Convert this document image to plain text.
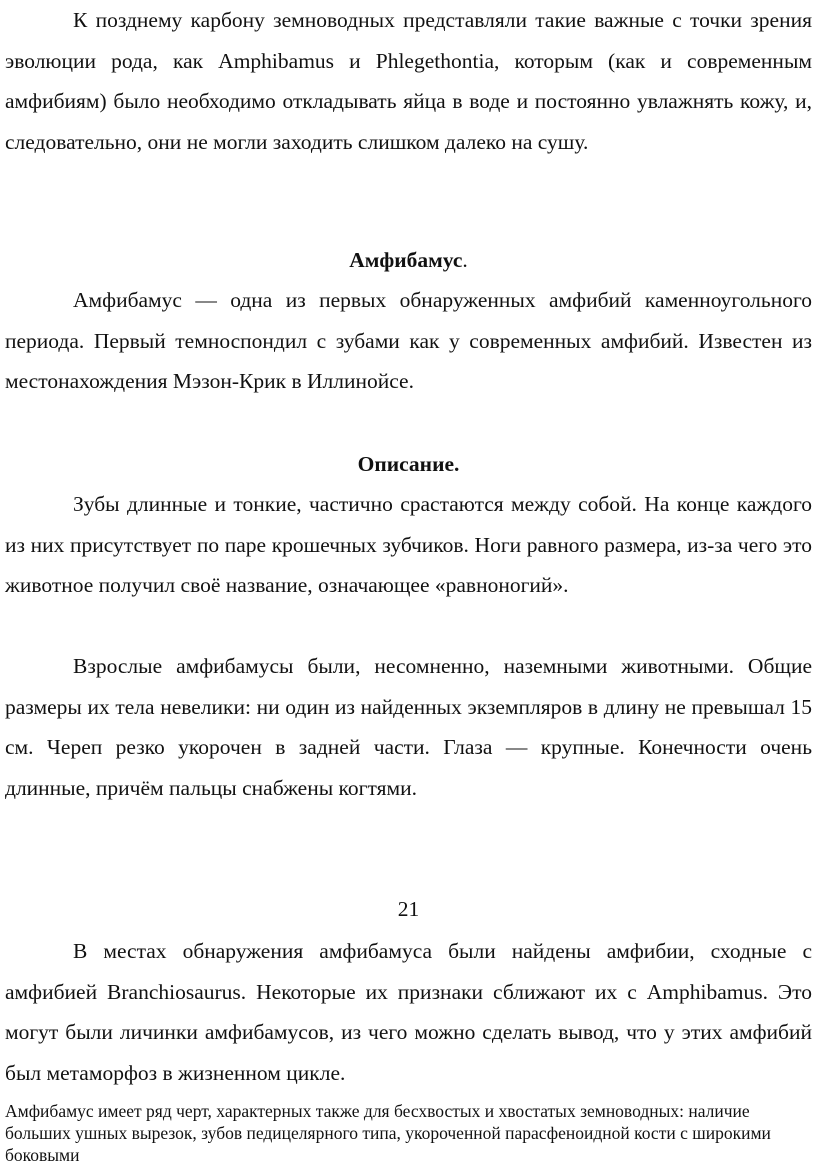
К позднему карбону земноводных представляли такие важные с точки зрения эволюции рода, как Amphibamus и Phlegethontia, которым (как и современным амфибиям) было необходимо откладывать яйца в воде и постоянно увлажнять кожу, и, следовательно, они не могли заходить слишком далеко на сушу.

Амфибамус.

Амфибамус — одна из первых обнаруженных амфибий каменноугольного периода. Первый темноспондил с зубами как у современных амфибий. Известен из местонахождения Мэзон-Крик в Иллинойсе.

Описание.

Зубы длинные и тонкие, частично срастаются между собой. На конце каждого из них присутствует по паре крошечных зубчиков. Ноги равного размера, из-за чего это животное получил своё название, означающее «равноногий».

Взрослые амфибамусы были, несомненно, наземными животными. Общие размеры их тела невелики: ни один из найденных экземпляров в длину не превышал 15 см. Череп резко укорочен в задней части. Глаза — крупные. Конечности очень длинные, причём пальцы снабжены когтями.

21

В местах обнаружения амфибамуса были найдены амфибии, сходные с амфибией Branchiosaurus. Некоторые их признаки сближают их с Amphibamus. Это могут были личинки амфибамусов, из чего можно сделать вывод, что у этих амфибий был метаморфоз в жизненном цикле.

Амфибамус имеет ряд черт, характерных также для бесхвостых и хвостатых земноводных: наличие больших ушных вырезок, зубов педицелярного типа, укороченной парасфеноидной кости с широкими боковыми
